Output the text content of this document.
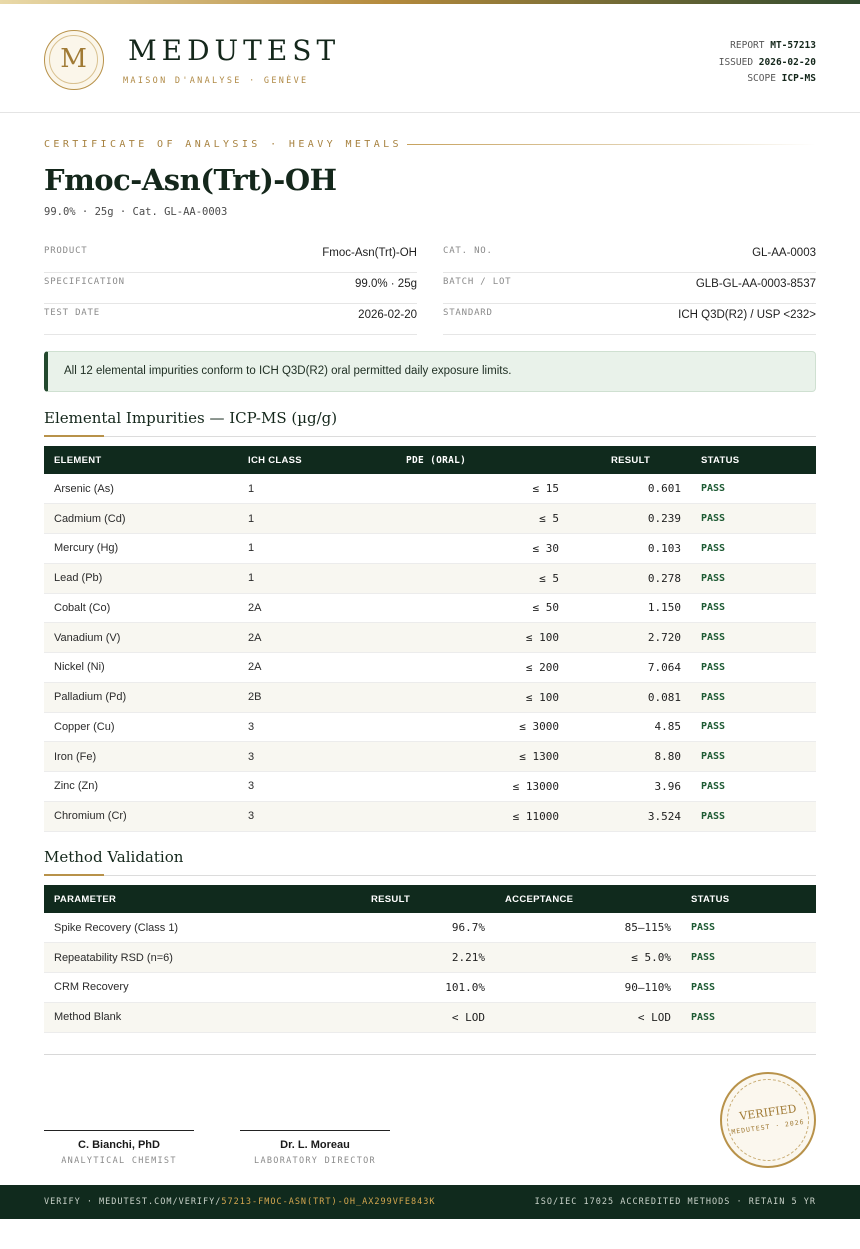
M	MEDUTEST
MAISON D'ANALYSE · GENÈVE
REPORT MT-57213
ISSUED 2026-02-20
SCOPE ICP-MS
CERTIFICATE OF ANALYSIS · HEAVY METALS
Fmoc-Asn(Trt)-OH
99.0% · 25g · Cat. GL-AA-0003
PRODUCT	Fmoc-Asn(Trt)-OH
SPECIFICATION	99.0% · 25g
TEST DATE	2026-02-20
CAT. NO.	GL-AA-0003
BATCH / LOT	GLB-GL-AA-0003-8537
STANDARD	ICH Q3D(R2) / USP <232>
All 12 elemental impurities conform to ICH Q3D(R2) oral permitted daily exposure limits.
Elemental Impurities — ICP-MS (µg/g)
ELEMENT	ICH CLASS	PDE (ORAL)	RESULT	STATUS
Arsenic (As)	1	≤ 15	0.601	PASS
Cadmium (Cd)	1	≤ 5	0.239	PASS
Mercury (Hg)	1	≤ 30	0.103	PASS
Lead (Pb)	1	≤ 5	0.278	PASS
Cobalt (Co)	2A	≤ 50	1.150	PASS
Vanadium (V)	2A	≤ 100	2.720	PASS
Nickel (Ni)	2A	≤ 200	7.064	PASS
Palladium (Pd)	2B	≤ 100	0.081	PASS
Copper (Cu)	3	≤ 3000	4.85	PASS
Iron (Fe)	3	≤ 1300	8.80	PASS
Zinc (Zn)	3	≤ 13000	3.96	PASS
Chromium (Cr)	3	≤ 11000	3.524	PASS
Method Validation
PARAMETER	RESULT	ACCEPTANCE	STATUS
Spike Recovery (Class 1)	96.7%	85–115%	PASS
Repeatability RSD (n=6)	2.21%	≤ 5.0%	PASS
CRM Recovery	101.0%	90–110%	PASS
Method Blank	< LOD	< LOD	PASS
C. Bianchi, PhD
ANALYTICAL CHEMIST
Dr. L. Moreau
LABORATORY DIRECTOR
VERIFIED
MEDUTEST · 2026
VERIFY · MEDUTEST.COM/VERIFY/57213-FMOC-ASN(TRT)-OH_AX299VFE843K	ISO/IEC 17025 ACCREDITED METHODS · RETAIN 5 YR
